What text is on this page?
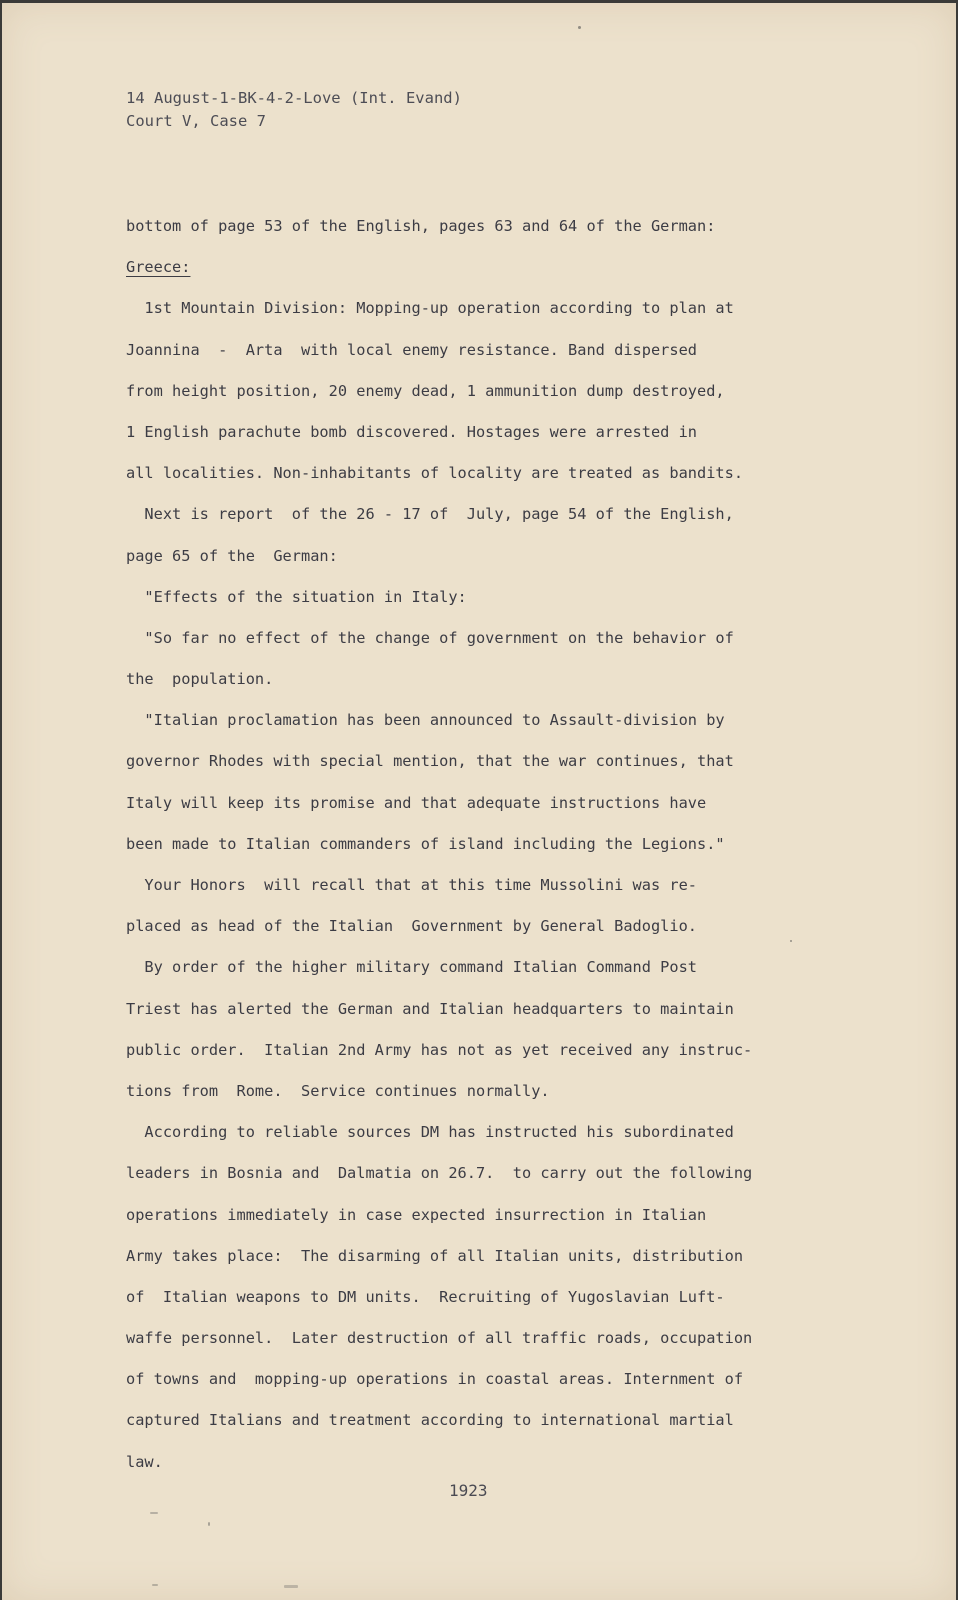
14 August-1-BK-4-2-Love (Int. Evand)
Court V, Case 7
bottom of page 53 of the English, pages 63 and 64 of the German:
Greece:
1st Mountain Division: Mopping-up operation according to plan at
Joannina  -  Arta  with local enemy resistance. Band dispersed
from height position, 20 enemy dead, 1 ammunition dump destroyed,
1 English parachute bomb discovered. Hostages were arrested in
all localities. Non-inhabitants of locality are treated as bandits.
Next is report  of the 26 - 17 of  July, page 54 of the English,
page 65 of the  German:
"Effects of the situation in Italy:
"So far no effect of the change of government on the behavior of
the  population.
"Italian proclamation has been announced to Assault-division by
governor Rhodes with special mention, that the war continues, that
Italy will keep its promise and that adequate instructions have
been made to Italian commanders of island including the Legions."
Your Honors  will recall that at this time Mussolini was re-
placed as head of the Italian  Government by General Badoglio.
By order of the higher military command Italian Command Post
Triest has alerted the German and Italian headquarters to maintain
public order.  Italian 2nd Army has not as yet received any instruc-
tions from  Rome.  Service continues normally.
According to reliable sources DM has instructed his subordinated
leaders in Bosnia and  Dalmatia on 26.7.  to carry out the following
operations immediately in case expected insurrection in Italian
Army takes place:  The disarming of all Italian units, distribution
of  Italian weapons to DM units.  Recruiting of Yugoslavian Luft-
waffe personnel.  Later destruction of all traffic roads, occupation
of towns and  mopping-up operations in coastal areas. Internment of
captured Italians and treatment according to international martial
law.
1923
